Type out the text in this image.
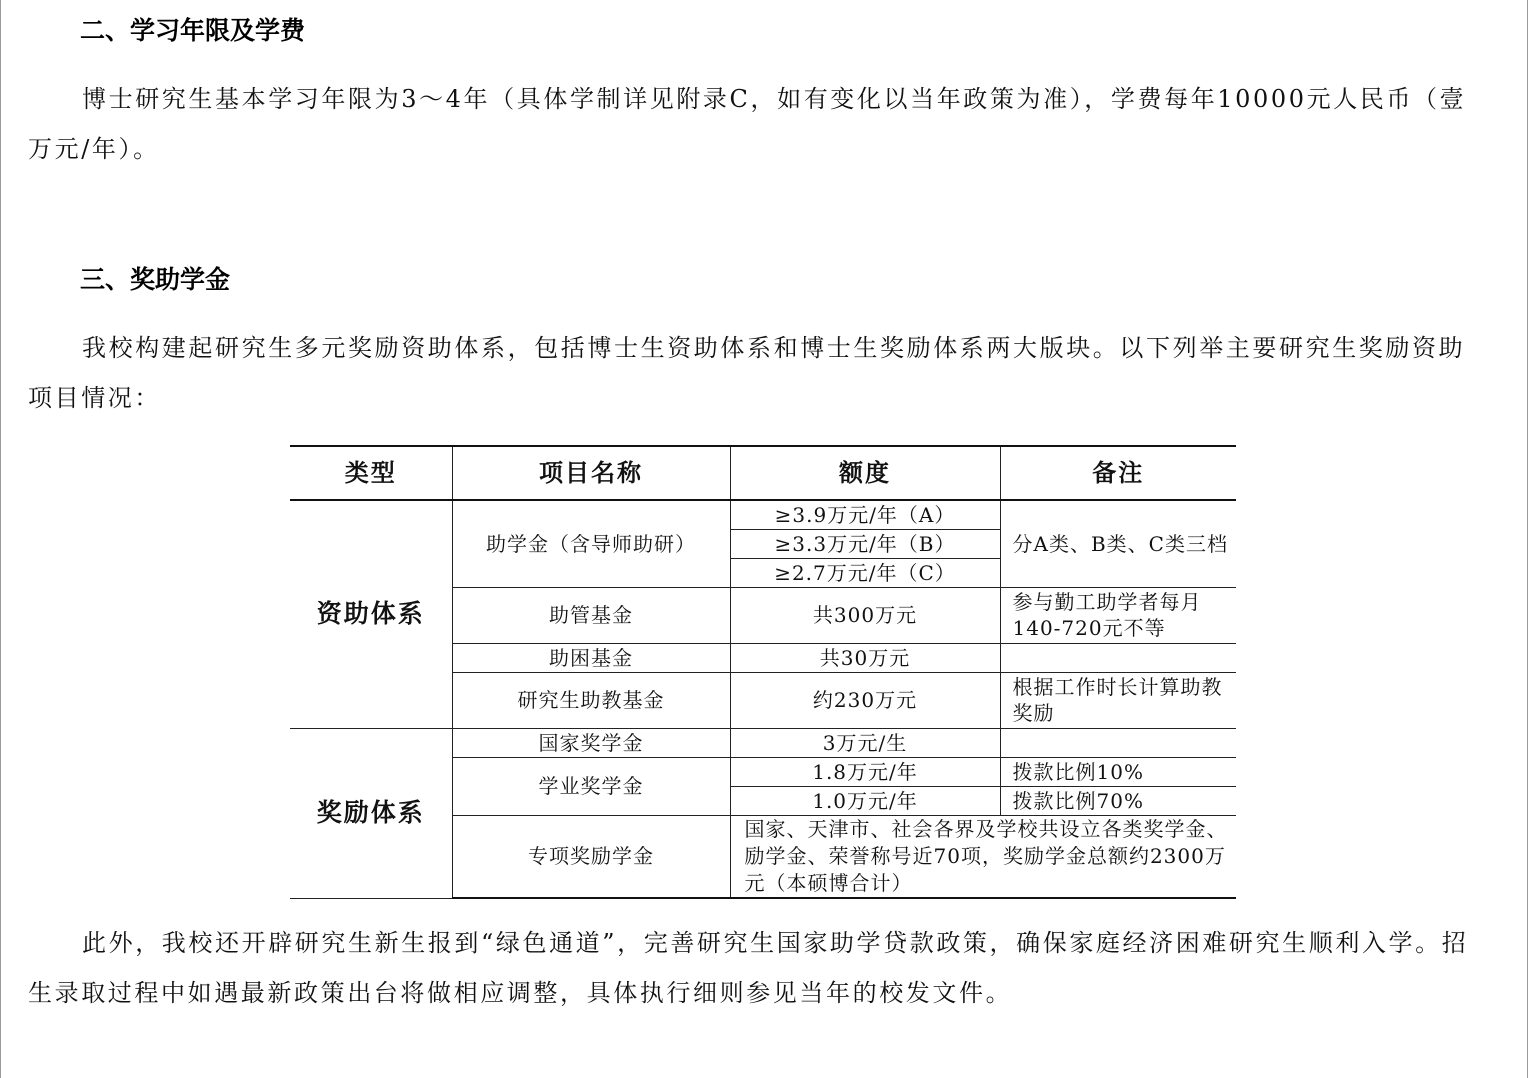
二、学习年限及学费

博士研究生基本学习年限为3～4年（具体学制详见附录C，如有变化以当年政策为准），学费每年10000元人民币（壹万元/年）。

三、奖助学金

我校构建起研究生多元奖励资助体系，包括博士生资助体系和博士生奖励体系两大版块。以下列举主要研究生奖励资助项目情况：

类型	项目名称	额度	备注
资助体系	助学金（含导师助研）	≥3.9万元/年（A）	分A类、B类、C类三档
		≥3.3万元/年（B）	
		≥2.7万元/年（C）	
	助管基金	共300万元	参与勤工助学者每月140-720元不等
	助困基金	共30万元	
	研究生助教基金	约230万元	根据工作时长计算助教奖励
奖励体系	国家奖学金	3万元/生	
	学业奖学金	1.8万元/年	拨款比例10%
		1.0万元/年	拨款比例70%
	专项奖励学金	国家、天津市、社会各界及学校共设立各类奖学金、励学金、荣誉称号近70项，奖励学金总额约2300万元（本硕博合计）	

此外，我校还开辟研究生新生报到“绿色通道”，完善研究生国家助学贷款政策，确保家庭经济困难研究生顺利入学。招生录取过程中如遇最新政策出台将做相应调整，具体执行细则参见当年的校发文件。
